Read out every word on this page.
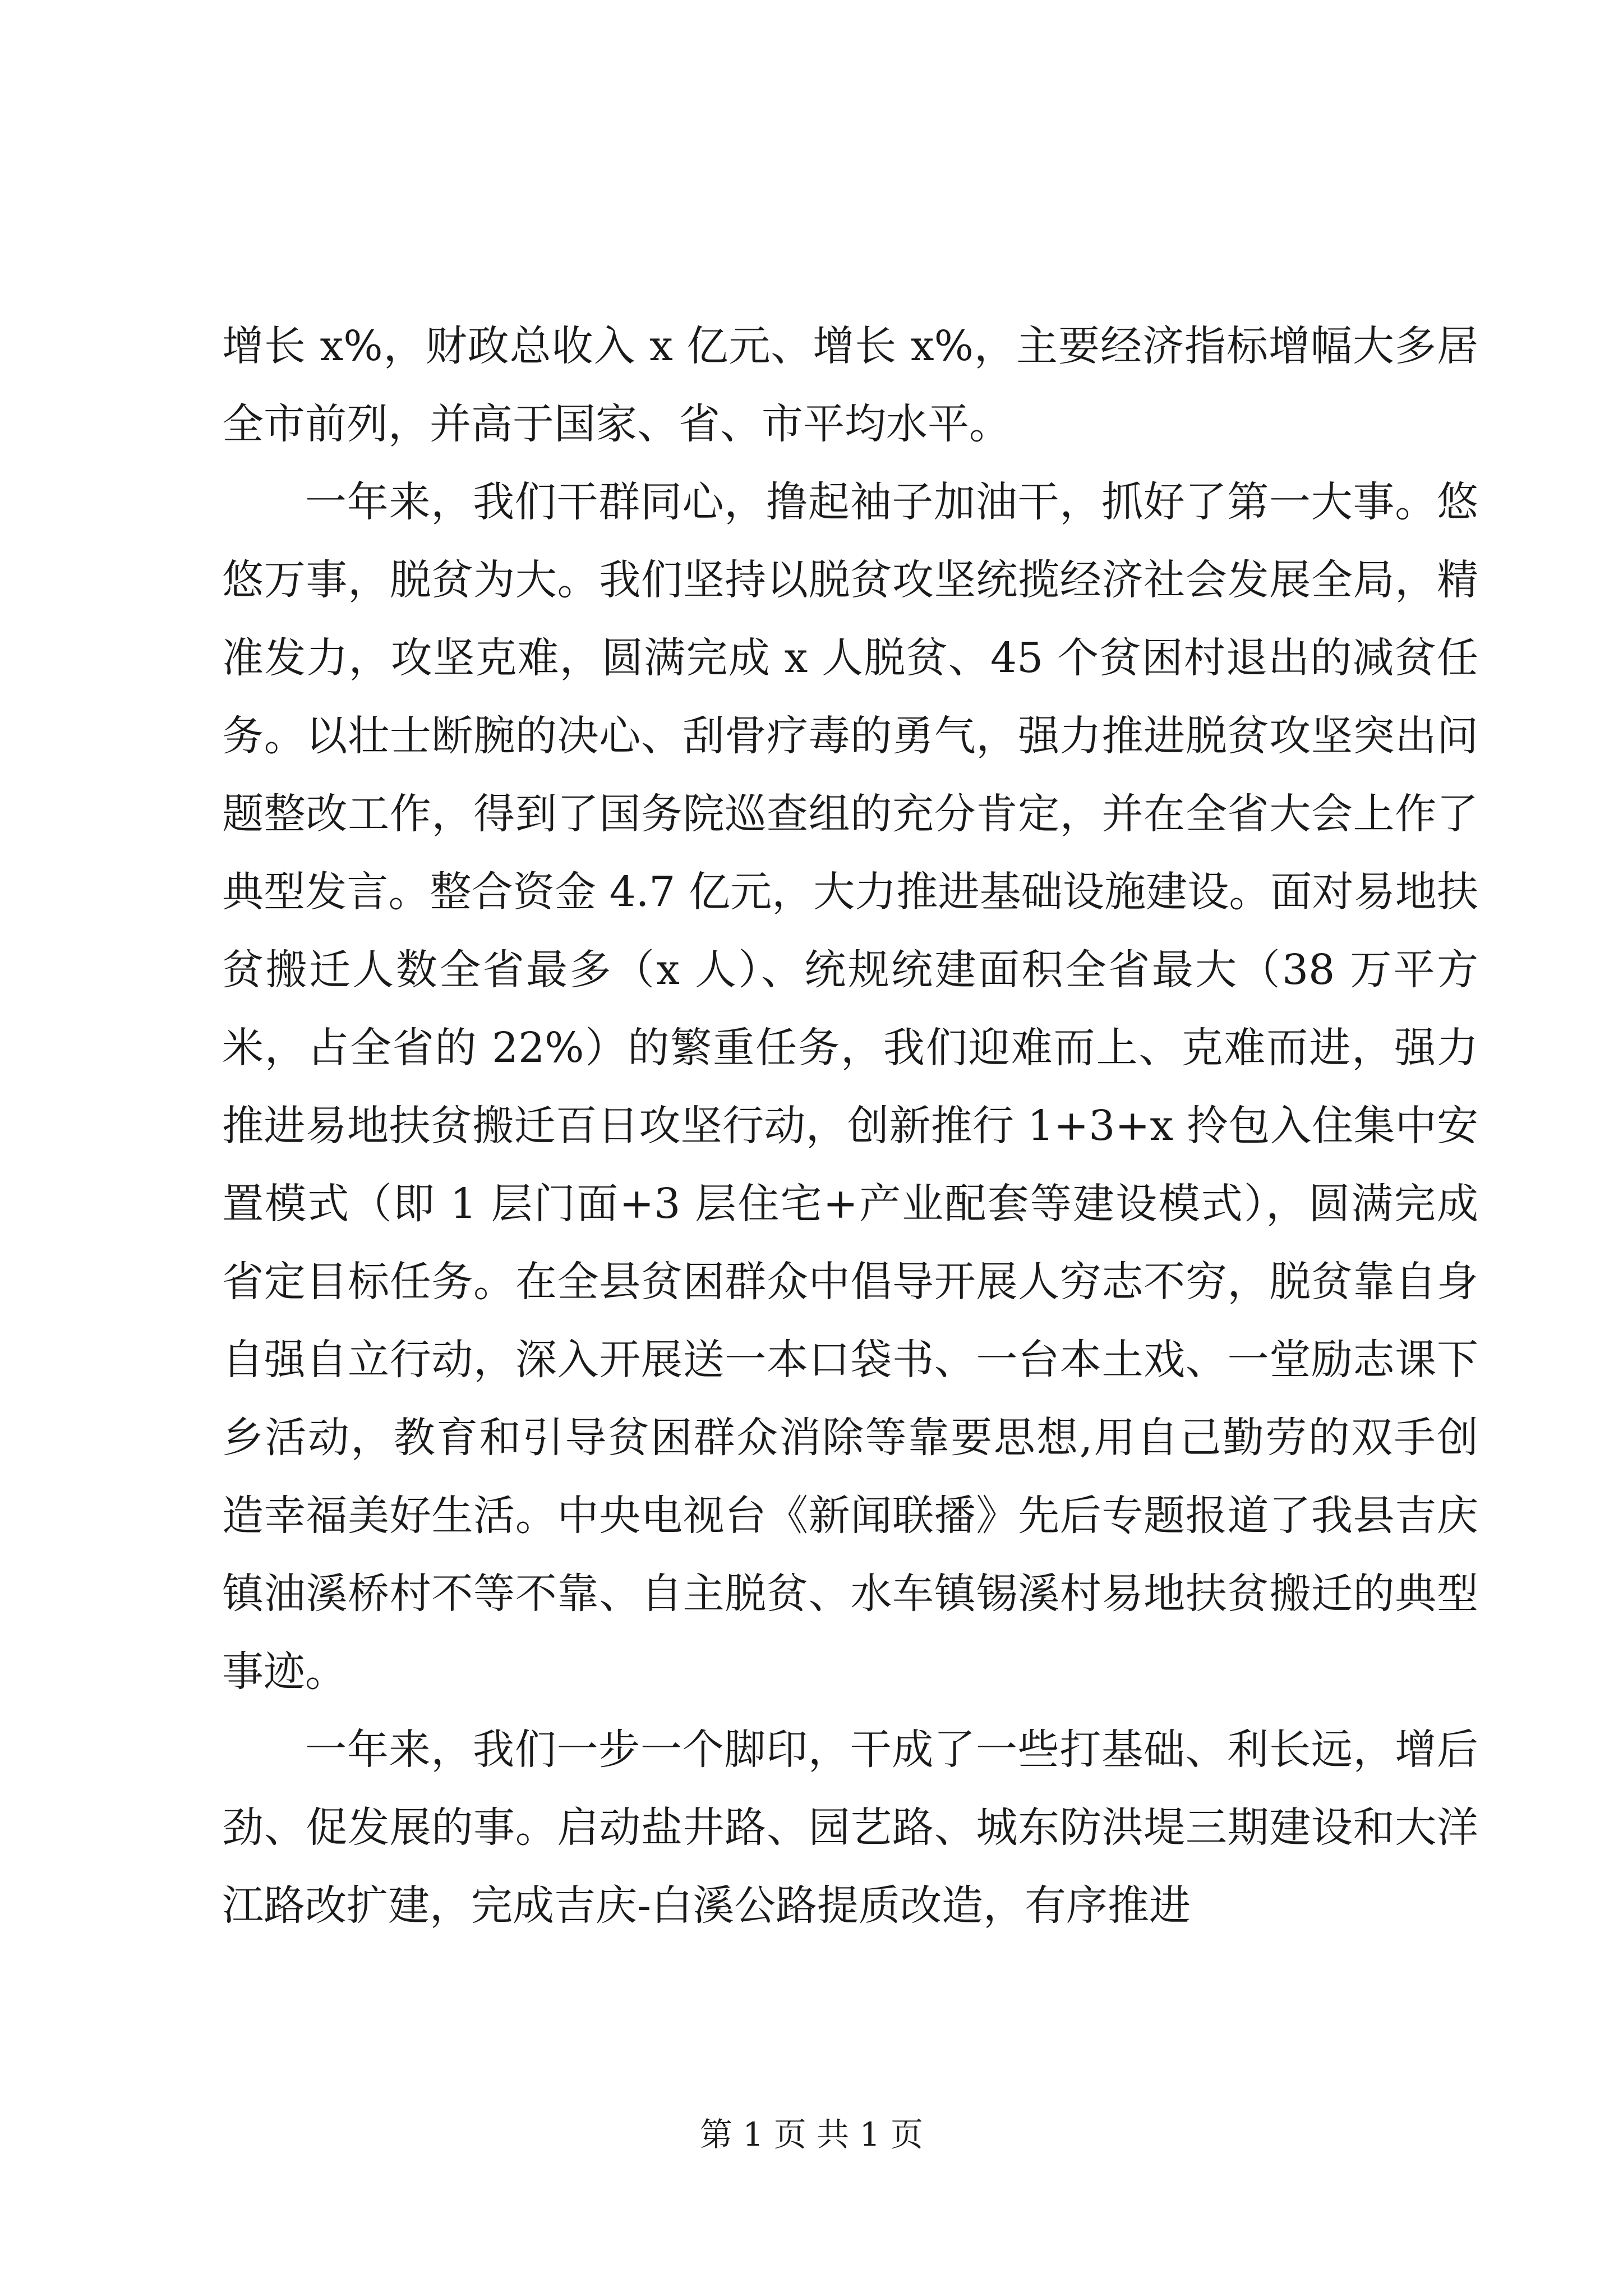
增长 x%，财政总收入 x 亿元、增长 x%，主要经济指标增幅大多居全市前列，并高于国家、省、市平均水平。

一年来，我们干群同心，撸起袖子加油干，抓好了第一大事。悠悠万事，脱贫为大。我们坚持以脱贫攻坚统揽经济社会发展全局，精准发力，攻坚克难，圆满完成 x 人脱贫、45 个贫困村退出的减贫任务。以壮士断腕的决心、刮骨疗毒的勇气，强力推进脱贫攻坚突出问题整改工作，得到了国务院巡查组的充分肯定，并在全省大会上作了典型发言。整合资金 4.7 亿元，大力推进基础设施建设。面对易地扶贫搬迁人数全省最多（x 人）、统规统建面积全省最大（38 万平方米，占全省的 22%）的繁重任务，我们迎难而上、克难而进，强力推进易地扶贫搬迁百日攻坚行动，创新推行 1+3+x 拎包入住集中安置模式（即 1 层门面+3 层住宅+产业配套等建设模式），圆满完成省定目标任务。在全县贫困群众中倡导开展人穷志不穷，脱贫靠自身自强自立行动，深入开展送一本口袋书、一台本土戏、一堂励志课下乡活动，教育和引导贫困群众消除等靠要思想,用自己勤劳的双手创造幸福美好生活。中央电视台《新闻联播》先后专题报道了我县吉庆镇油溪桥村不等不靠、自主脱贫、水车镇锡溪村易地扶贫搬迁的典型事迹。

一年来，我们一步一个脚印，干成了一些打基础、利长远，增后劲、促发展的事。启动盐井路、园艺路、城东防洪堤三期建设和大洋江路改扩建，完成吉庆-白溪公路提质改造，有序推进

第 1 页 共 1 页
